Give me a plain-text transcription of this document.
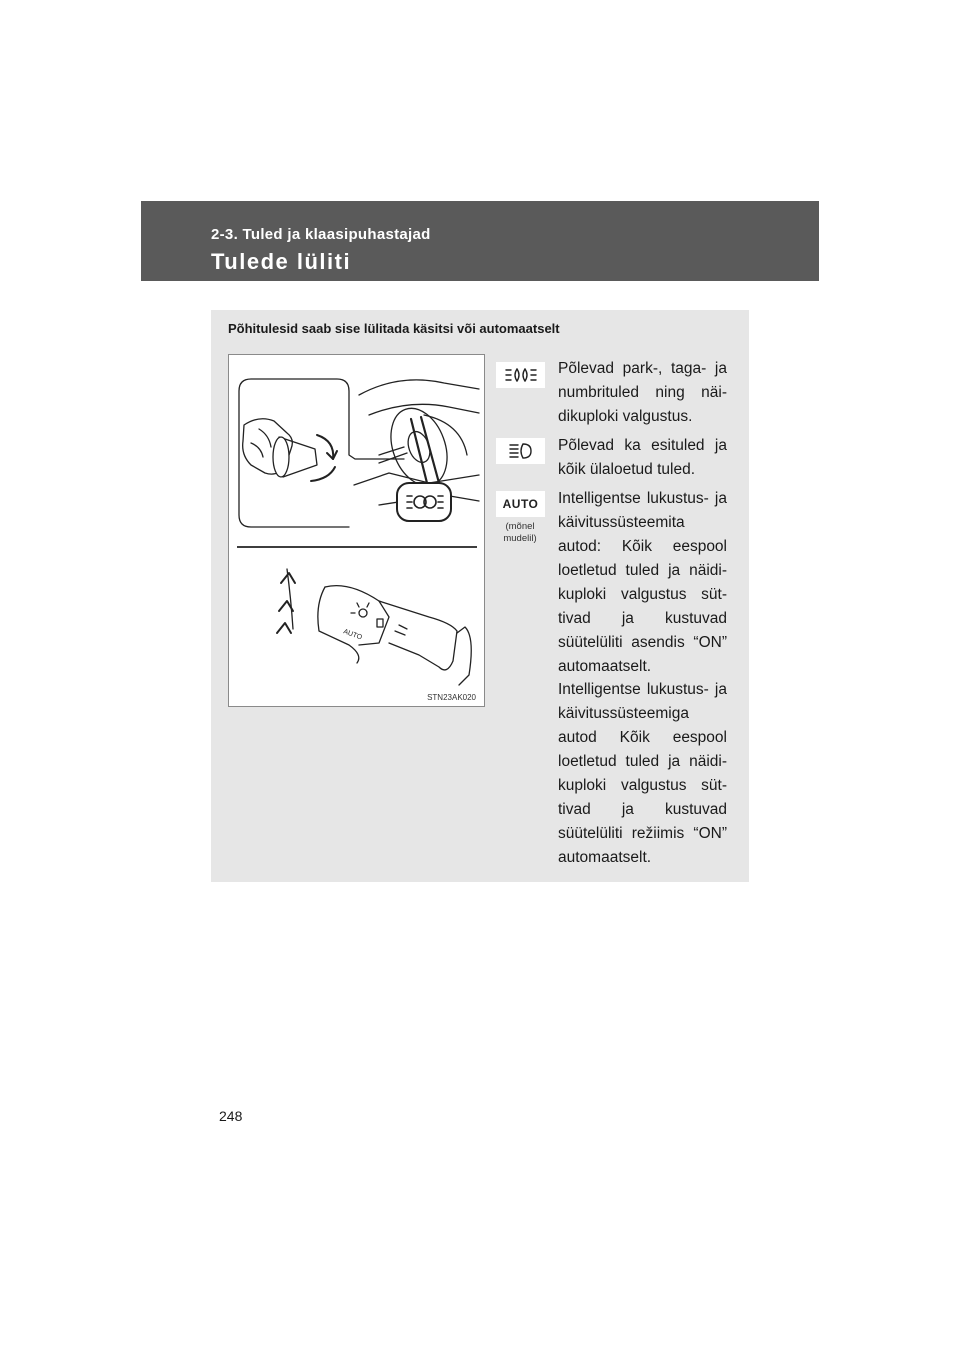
2-3. Tuled ja klaasipuhastajad
Tulede lüliti
Põhitulesid saab sise lülitada käsitsi või automaatselt
AUTO
STN23AK020
Põlevad park-, taga- ja numbrituled ning näi-dikuploki valgustus.
Põlevad ka esituled ja kõik ülaloetud tuled.
AUTO
(mõnel mudelil)
Intelligentse lukustus- ja käivitussüsteemita autod: Kõik eespool loetletud tuled ja näidi-kuploki valgustus süt-tivad ja kustuvad süütelüliti asendis “ON” automaatselt.
Intelligentse lukustus- ja käivitussüsteemiga autod Kõik eespool loetletud tuled ja näidi-kuploki valgustus süt-tivad ja kustuvad süütelüliti režiimis “ON” automaatselt.
248
